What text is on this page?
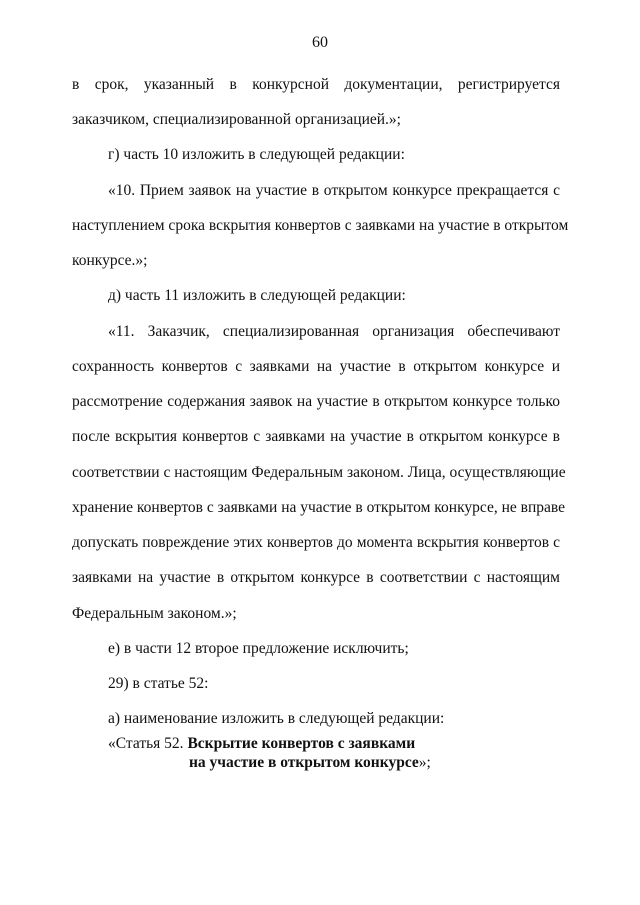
60
в срок, указанный в конкурсной документации, регистрируется
заказчиком, специализированной организацией.»;
г) часть 10 изложить в следующей редакции:
«10. Прием заявок на участие в открытом конкурсе прекращается с
наступлением срока вскрытия конвертов с заявками на участие в открытом
конкурсе.»;
д) часть 11 изложить в следующей редакции:
«11. Заказчик, специализированная организация обеспечивают
сохранность конвертов с заявками на участие в открытом конкурсе и
рассмотрение содержания заявок на участие в открытом конкурсе только
после вскрытия конвертов с заявками на участие в открытом конкурсе в
соответствии с настоящим Федеральным законом. Лица, осуществляющие
хранение конвертов с заявками на участие в открытом конкурсе, не вправе
допускать повреждение этих конвертов до момента вскрытия конвертов с
заявками на участие в открытом конкурсе в соответствии с настоящим
Федеральным законом.»;
е) в части 12 второе предложение исключить;
29) в статье 52:
а) наименование изложить в следующей редакции:
«Статья 52. Вскрытие конвертов с заявками
на участие в открытом конкурсе»;
